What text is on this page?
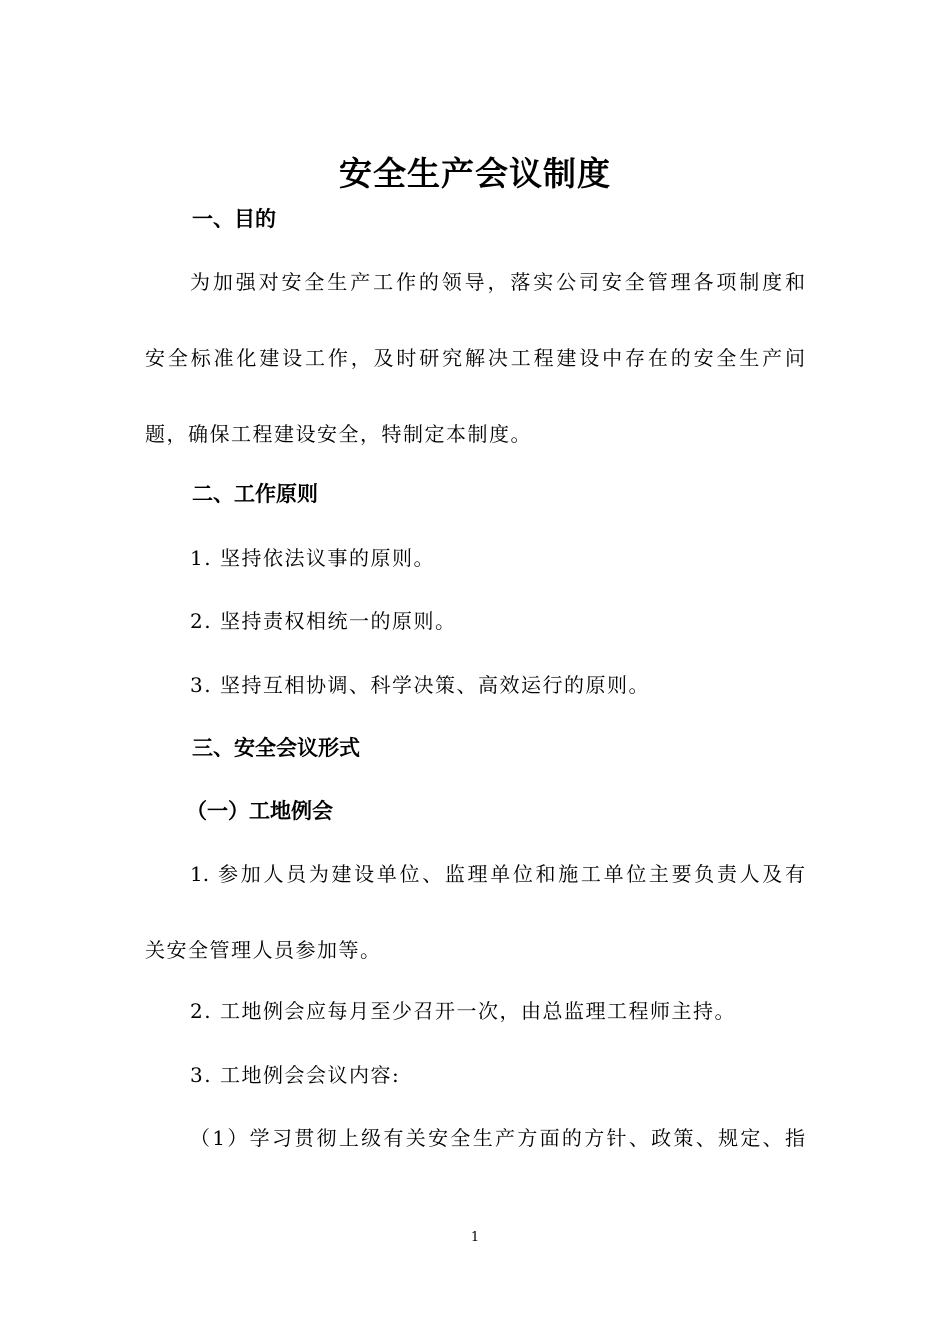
安全生产会议制度
一、目的
为加强对安全生产工作的领导，落实公司安全管理各项制度和
安全标准化建设工作，及时研究解决工程建设中存在的安全生产问
题，确保工程建设安全，特制定本制度。
二、工作原则
1. 坚持依法议事的原则。
2. 坚持责权相统一的原则。
3. 坚持互相协调、科学决策、高效运行的原则。
三、安全会议形式
（一）工地例会
1. 参加人员为建设单位、监理单位和施工单位主要负责人及有
关安全管理人员参加等。
2. 工地例会应每月至少召开一次，由总监理工程师主持。
3. 工地例会会议内容:
（1）学习贯彻上级有关安全生产方面的方针、政策、规定、指
1
